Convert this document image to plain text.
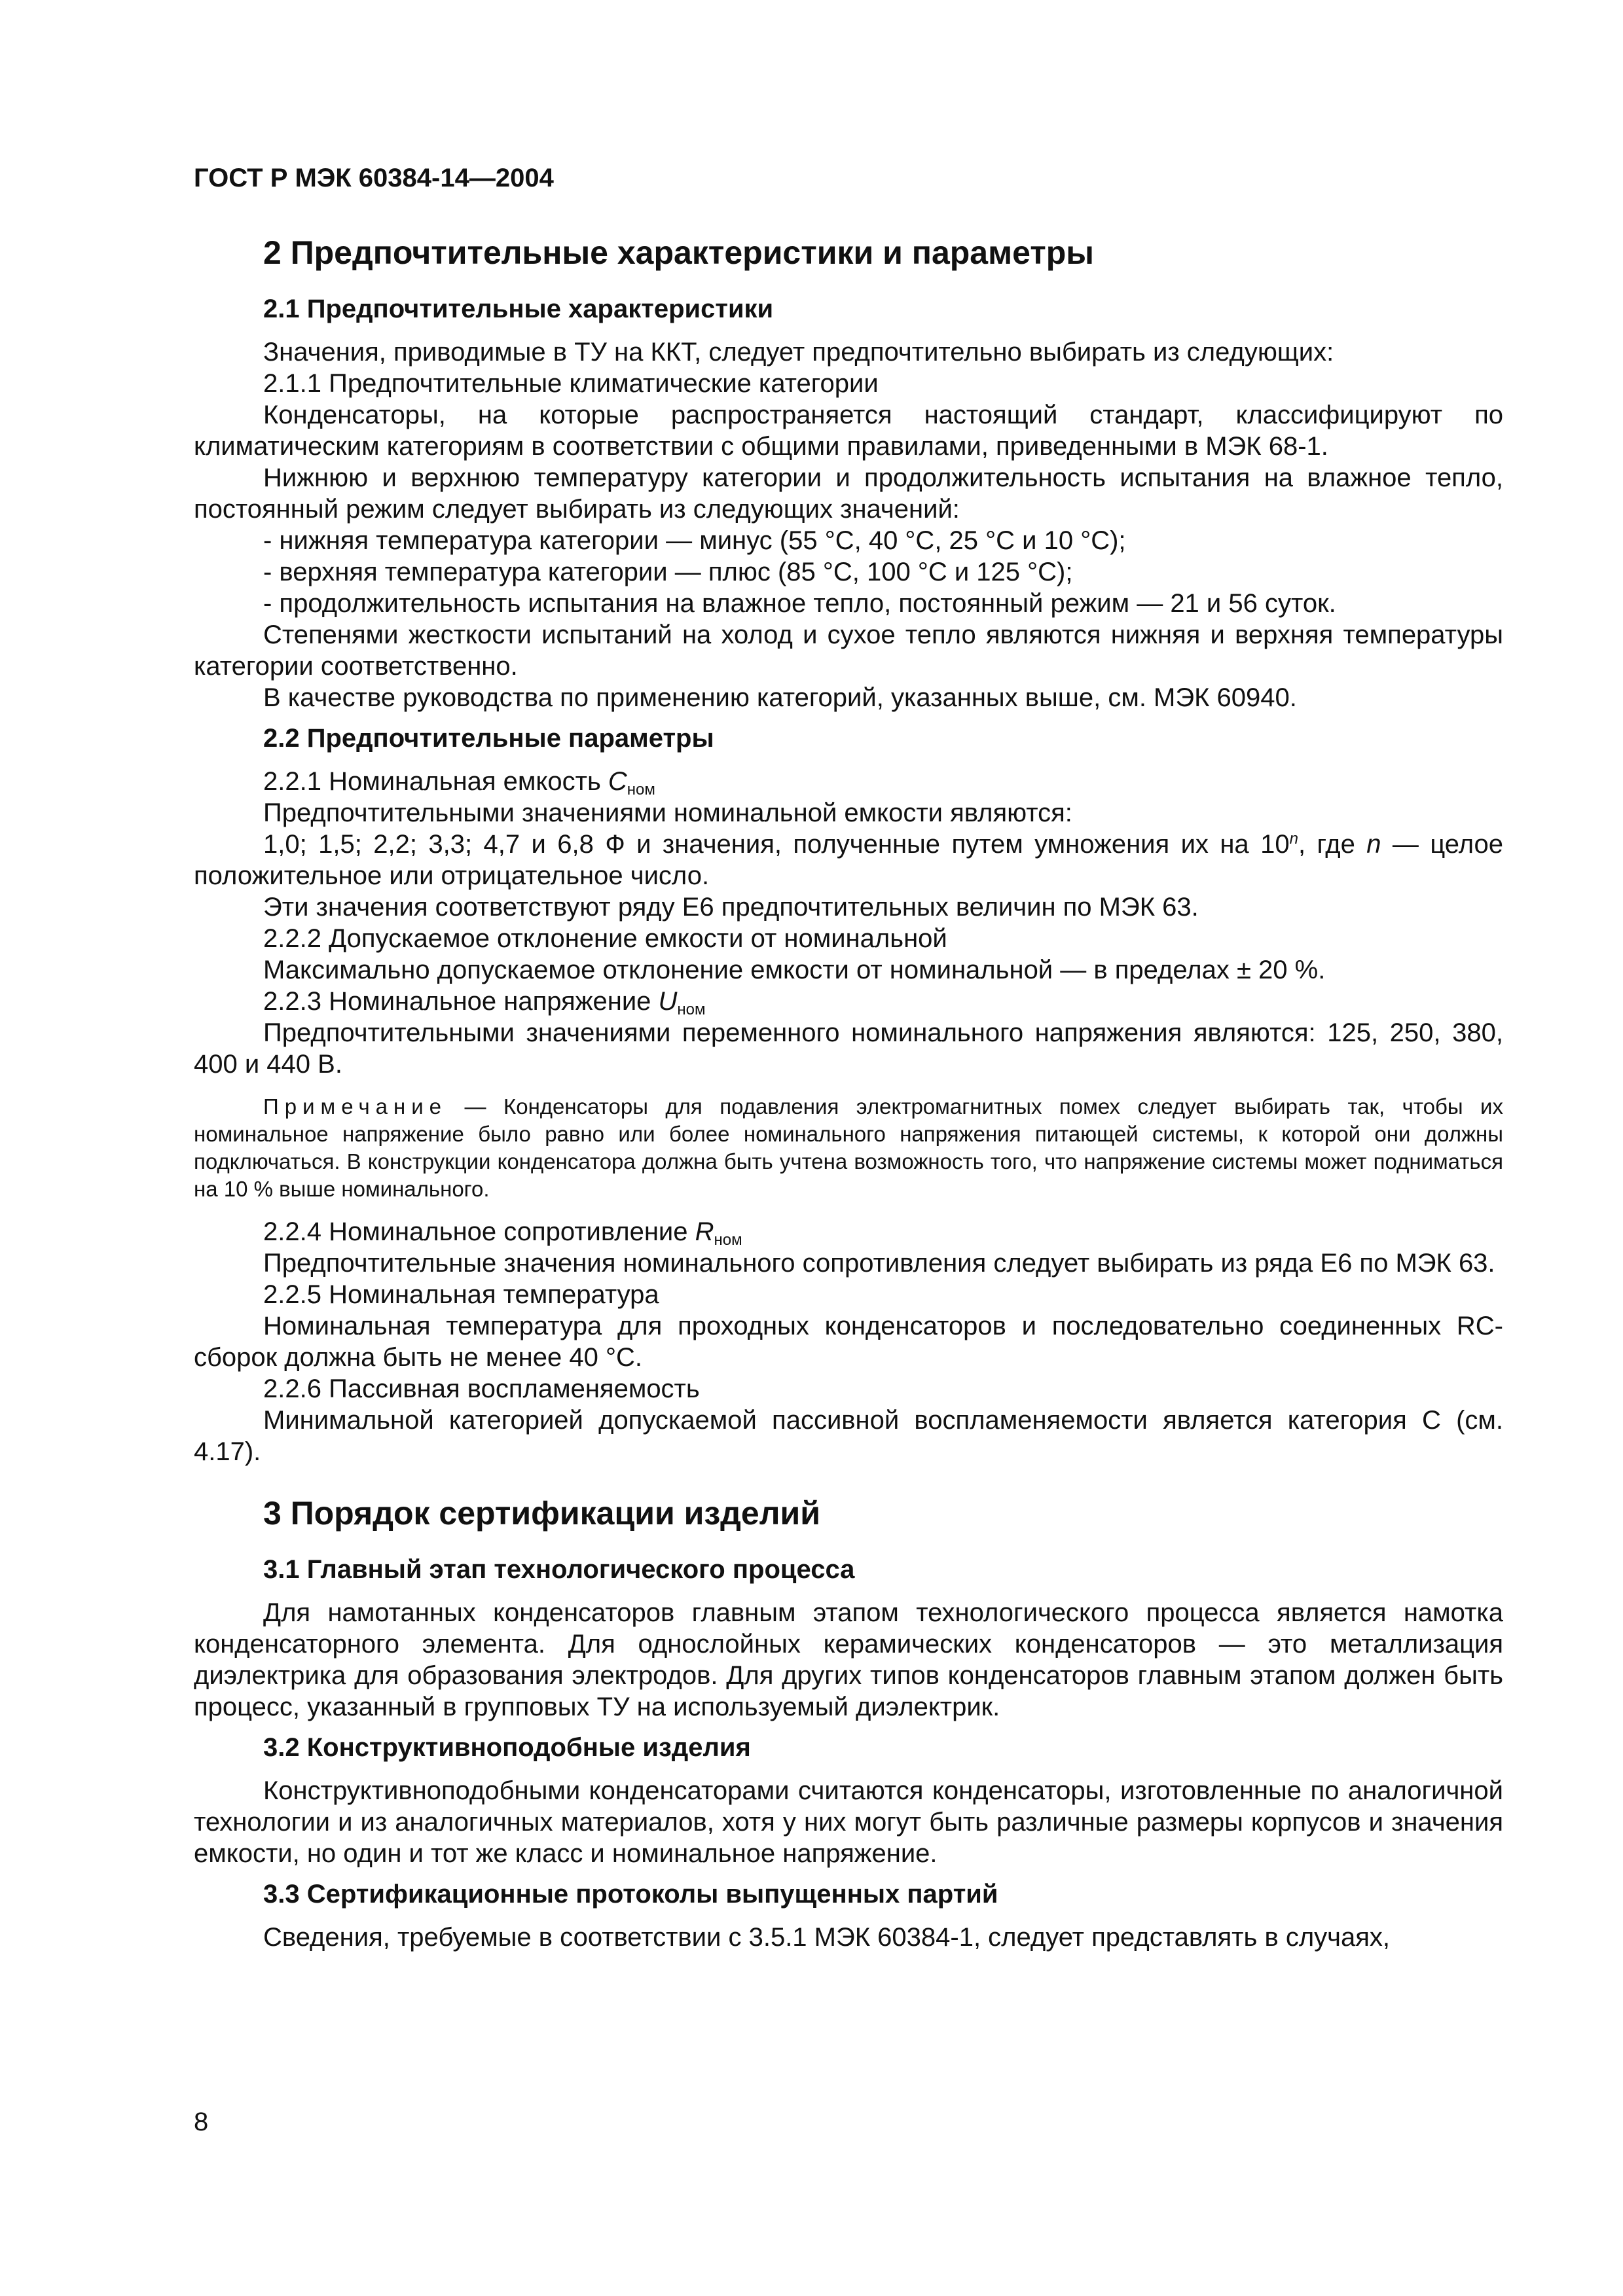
ГОСТ Р МЭК 60384-14—2004

2 Предпочтительные характеристики и параметры

2.1 Предпочтительные характеристики

Значения, приводимые в ТУ на ККТ, следует предпочтительно выбирать из следующих:

2.1.1 Предпочтительные климатические категории

Конденсаторы, на которые распространяется настоящий стандарт, классифицируют по климатическим категориям в соответствии с общими правилами, приведенными в МЭК 68-1.

Нижнюю и верхнюю температуру категории и продолжительность испытания на влажное тепло, постоянный режим следует выбирать из следующих значений:

- нижняя температура категории — минус (55 °С, 40 °С, 25 °С и 10 °С);

- верхняя температура категории — плюс (85 °С, 100 °С и 125 °С);

- продолжительность испытания на влажное тепло, постоянный режим — 21 и 56 суток.

Степенями жесткости испытаний на холод и сухое тепло являются нижняя и верхняя температуры категории соответственно.

В качестве руководства по применению категорий, указанных выше, см. МЭК 60940.

2.2 Предпочтительные параметры

2.2.1 Номинальная емкость $C_{ном}$

Предпочтительными значениями номинальной емкости являются:

1,0; 1,5; 2,2; 3,3; 4,7 и 6,8 Ф и значения, полученные путем умножения их на 10$^n$, где n — целое положительное или отрицательное число.

Эти значения соответствуют ряду Е6 предпочтительных величин по МЭК 63.

2.2.2 Допускаемое отклонение емкости от номинальной

Максимально допускаемое отклонение емкости от номинальной — в пределах ± 20 %.

2.2.3 Номинальное напряжение $U_{ном}$

Предпочтительными значениями переменного номинального напряжения являются: 125, 250, 380, 400 и 440 В.

Примечание — Конденсаторы для подавления электромагнитных помех следует выбирать так, чтобы их номинальное напряжение было равно или более номинального напряжения питающей системы, к которой они должны подключаться. В конструкции конденсатора должна быть учтена возможность того, что напряжение системы может подниматься на 10 % выше номинального.

2.2.4 Номинальное сопротивление $R_{ном}$

Предпочтительные значения номинального сопротивления следует выбирать из ряда Е6 по МЭК 63.

2.2.5 Номинальная температура

Номинальная температура для проходных конденсаторов и последовательно соединенных RC-сборок должна быть не менее 40 °С.

2.2.6 Пассивная воспламеняемость

Минимальной категорией допускаемой пассивной воспламеняемости является категория С (см. 4.17).

3 Порядок сертификации изделий

3.1 Главный этап технологического процесса

Для намотанных конденсаторов главным этапом технологического процесса является намотка конденсаторного элемента. Для однослойных керамических конденсаторов — это металлизация диэлектрика для образования электродов. Для других типов конденсаторов главным этапом должен быть процесс, указанный в групповых ТУ на используемый диэлектрик.

3.2 Конструктивноподобные изделия

Конструктивноподобными конденсаторами считаются конденсаторы, изготовленные по аналогичной технологии и из аналогичных материалов, хотя у них могут быть различные размеры корпусов и значения емкости, но один и тот же класс и номинальное напряжение.

3.3 Сертификационные протоколы выпущенных партий

Сведения, требуемые в соответствии с 3.5.1 МЭК 60384-1, следует представлять в случаях,

8
